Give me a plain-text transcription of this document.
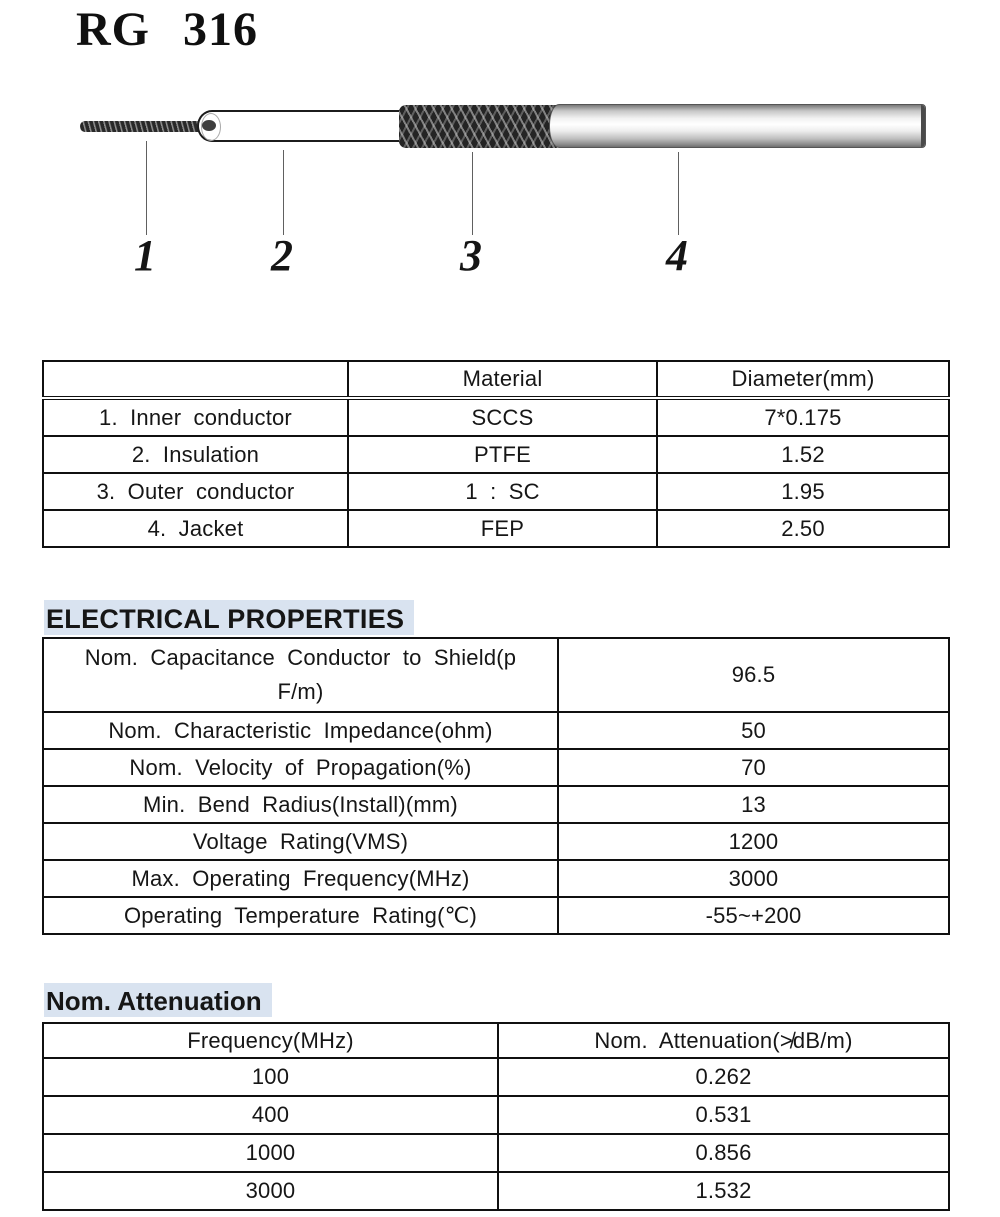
RG 316
1	2	3	4
	Material	Diameter(mm)
1. Inner conductor	SCCS	7*0.175
2. Insulation	PTFE	1.52
3. Outer conductor	1 : SC	1.95
4. Jacket	FEP	2.50
ELECTRICAL PROPERTIES
Nom. Capacitance Conductor to Shield(p
F/m)	96.5
Nom. Characteristic Impedance(ohm)	50
Nom. Velocity of Propagation(%)	70
Min. Bend Radius(Install)(mm)	13
Voltage Rating(VMS)	1200
Max. Operating Frequency(MHz)	3000
Operating Temperature Rating(℃)	-55~+200
Nom. Attenuation
Frequency(MHz)	Nom. Attenuation(≯dB/m)
100	0.262
400	0.531
1000	0.856
3000	1.532
